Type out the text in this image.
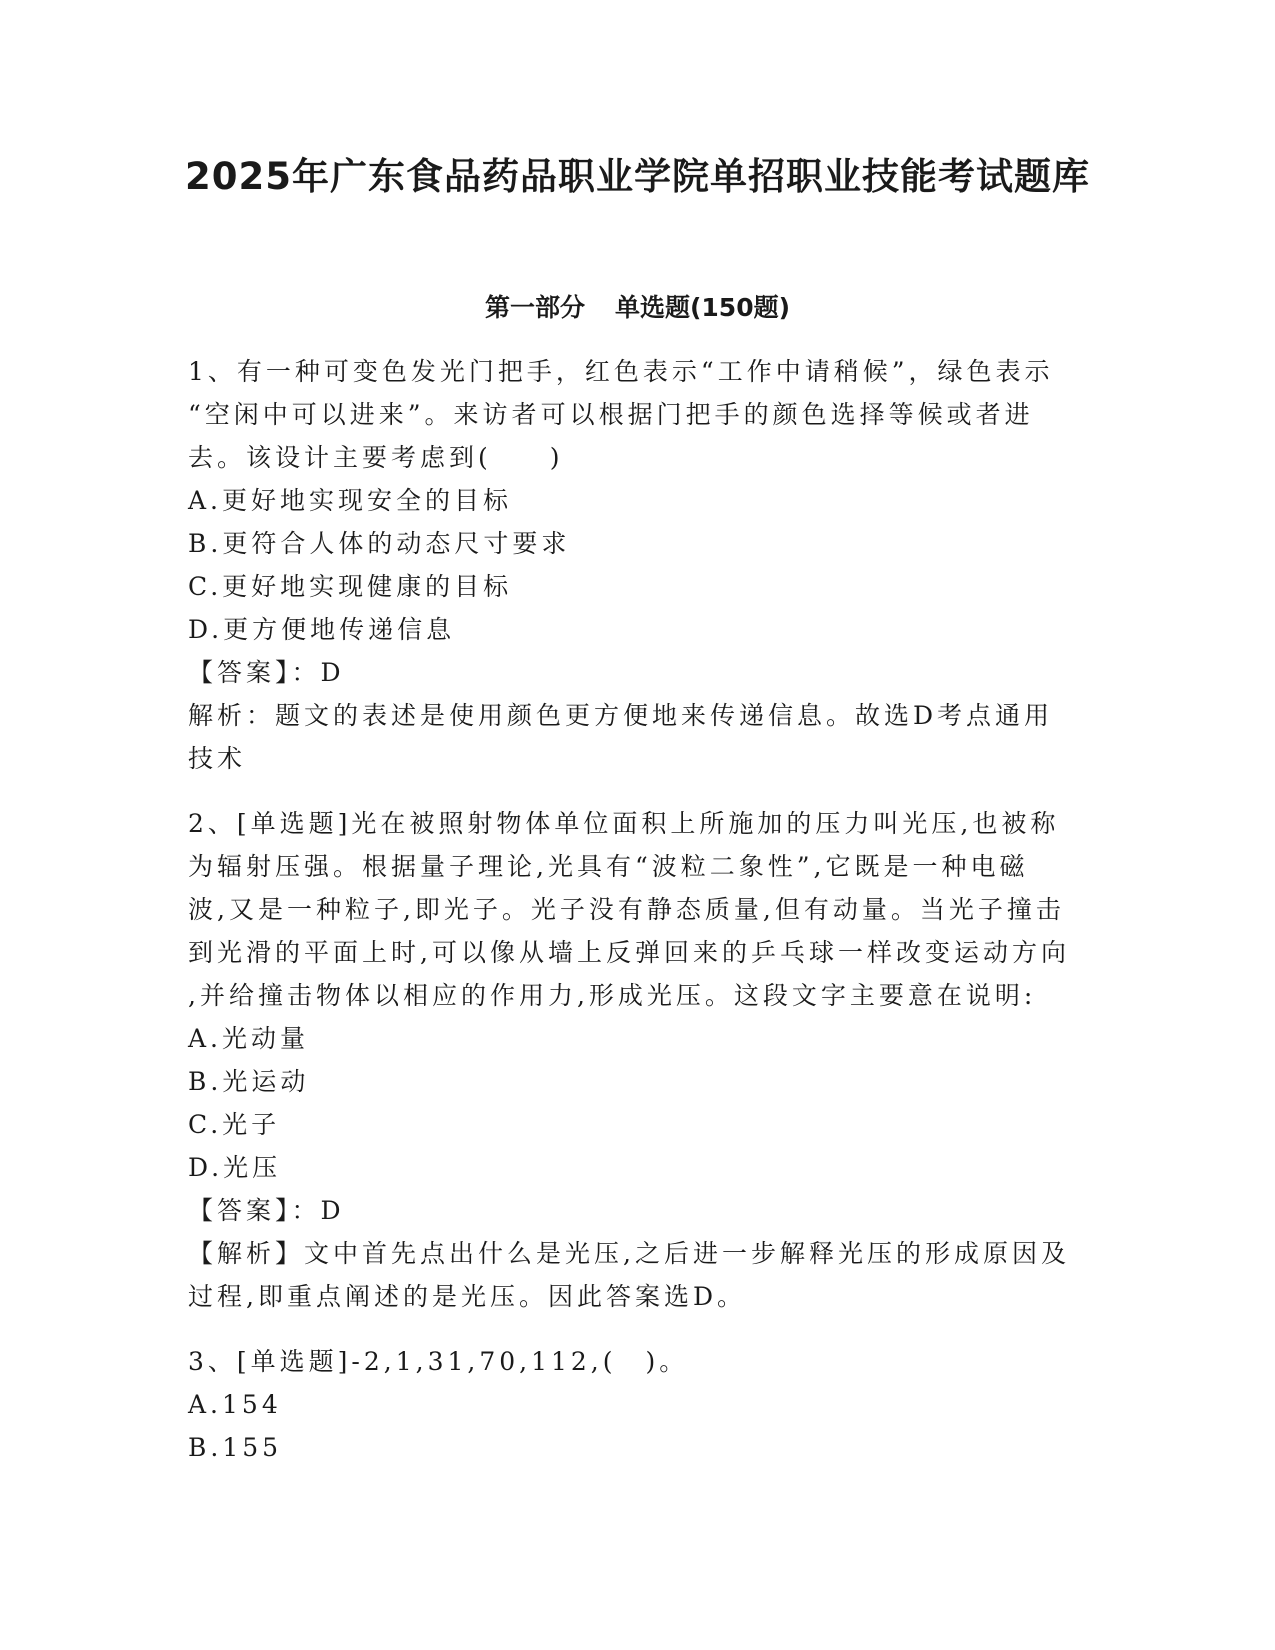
2025年广东食品药品职业学院单招职业技能考试题库
第一部分 单选题(150题)

1、有一种可变色发光门把手，红色表示“工作中请稍候”，绿色表示

“空闲中可以进来”。来访者可以根据门把手的颜色选择等候或者进

去。该设计主要考虑到(　　)

A.更好地实现安全的目标

B.更符合人体的动态尺寸要求

C.更好地实现健康的目标

D.更方便地传递信息

【答案】：D

解析：题文的表述是使用颜色更方便地来传递信息。故选D考点通用

技术

2、[单选题]光在被照射物体单位面积上所施加的压力叫光压,也被称

为辐射压强。根据量子理论,光具有“波粒二象性”,它既是一种电磁

波,又是一种粒子,即光子。光子没有静态质量,但有动量。当光子撞击

到光滑的平面上时,可以像从墙上反弹回来的乒乓球一样改变运动方向

,并给撞击物体以相应的作用力,形成光压。这段文字主要意在说明:

A.光动量

B.光运动

C.光子

D.光压

【答案】：D

【解析】文中首先点出什么是光压,之后进一步解释光压的形成原因及

过程,即重点阐述的是光压。因此答案选D。

3、[单选题]-2,1,31,70,112,(　)。

A.154

B.155
